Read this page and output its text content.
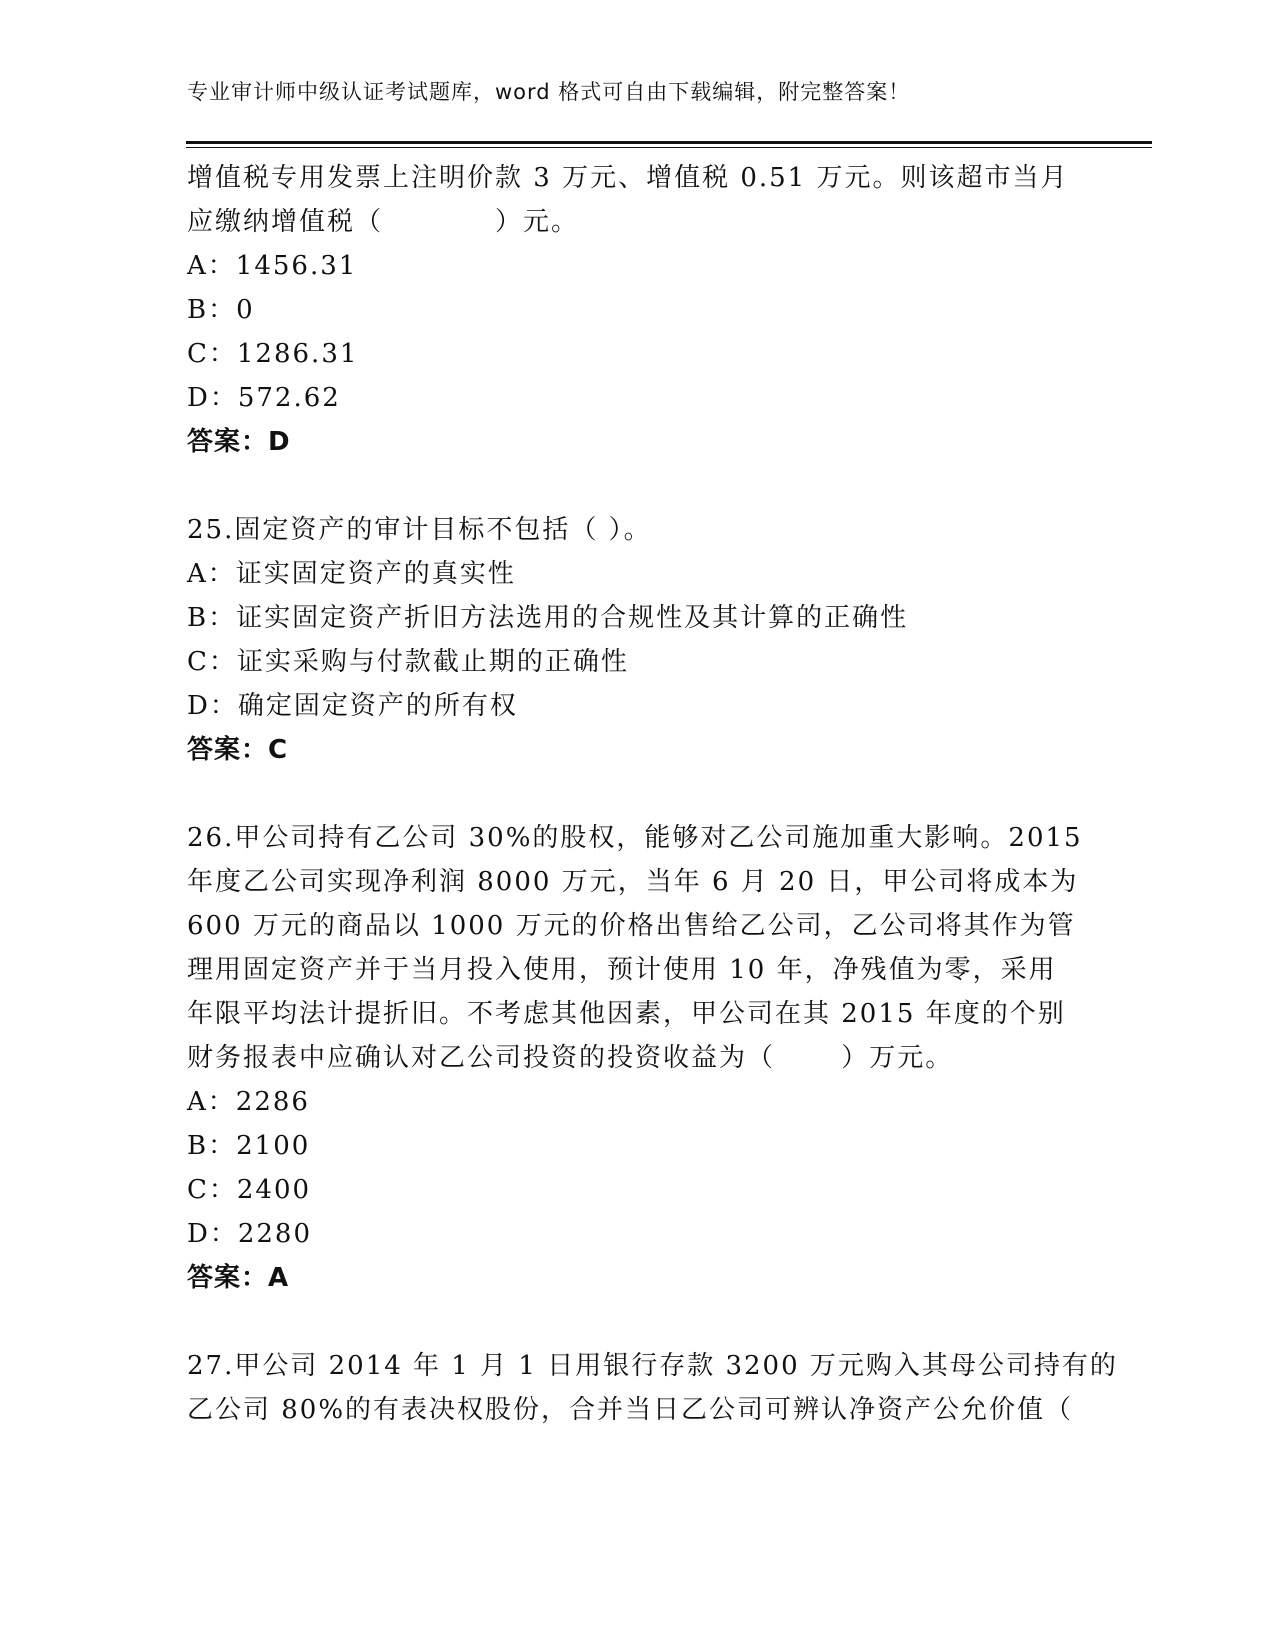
专业审计师中级认证考试题库，word 格式可自由下载编辑，附完整答案！
增值税专用发票上注明价款 3 万元、增值税 0.51 万元。则该超市当月
应缴纳增值税（　　　　）元。
A：1456.31
B：0
C：1286.31
D：572.62
答案：D
25.固定资产的审计目标不包括（ ）。
A：证实固定资产的真实性
B：证实固定资产折旧方法选用的合规性及其计算的正确性
C：证实采购与付款截止期的正确性
D：确定固定资产的所有权
答案：C
26.甲公司持有乙公司 30%的股权，能够对乙公司施加重大影响。2015
年度乙公司实现净利润 8000 万元，当年 6 月 20 日，甲公司将成本为
600 万元的商品以 1000 万元的价格出售给乙公司，乙公司将其作为管
理用固定资产并于当月投入使用，预计使用 10 年，净残值为零，采用
年限平均法计提折旧。不考虑其他因素，甲公司在其 2015 年度的个别
财务报表中应确认对乙公司投资的投资收益为（　　 ）万元。
A：2286
B：2100
C：2400
D：2280
答案：A
27.甲公司 2014 年 1 月 1 日用银行存款 3200 万元购入其母公司持有的
乙公司 80%的有表决权股份，合并当日乙公司可辨认净资产公允价值（
